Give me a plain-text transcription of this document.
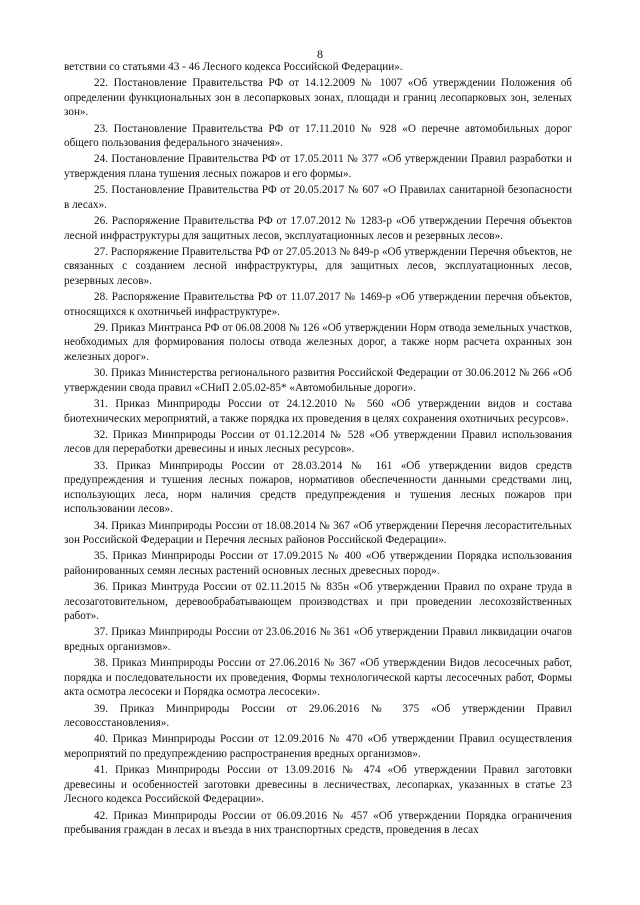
8

ветствии со статьями 43 - 46 Лесного кодекса Российской Федерации».

22. Постановление Правительства РФ от 14.12.2009 № 1007 «Об утверждении Положения об определении функциональных зон в лесопарковых зонах, площади и границ лесопарковых зон, зеленых зон».

23. Постановление Правительства РФ от 17.11.2010 № 928 «О перечне автомобильных дорог общего пользования федерального значения».

24. Постановление Правительства РФ от 17.05.2011 № 377 «Об утверждении Правил разработки и утверждения плана тушения лесных пожаров и его формы».

25. Постановление Правительства РФ от 20.05.2017 № 607 «О Правилах санитарной безопасности в лесах».

26. Распоряжение Правительства РФ от 17.07.2012 № 1283-р «Об утверждении Перечня объектов лесной инфраструктуры для защитных лесов, эксплуатационных лесов и резервных лесов».

27. Распоряжение Правительства РФ от 27.05.2013 № 849-р «Об утверждении Перечня объектов, не связанных с созданием лесной инфраструктуры, для защитных лесов, эксплуатационных лесов, резервных лесов».

28. Распоряжение Правительства РФ от 11.07.2017 № 1469-р «Об утверждении перечня объектов, относящихся к охотничьей инфраструктуре».

29. Приказ Минтранса РФ от 06.08.2008 № 126 «Об утверждении Норм отвода земельных участков, необходимых для формирования полосы отвода железных дорог, а также норм расчета охранных зон железных дорог».

30. Приказ Министерства регионального развития Российской Федерации от 30.06.2012 № 266 «Об утверждении свода правил «СНиП 2.05.02-85* «Автомобильные дороги».

31. Приказ Минприроды России от 24.12.2010 № 560 «Об утверждении видов и состава биотехнических мероприятий, а также порядка их проведения в целях сохранения охотничьих ресурсов».

32. Приказ Минприроды России от 01.12.2014 № 528 «Об утверждении Правил использования лесов для переработки древесины и иных лесных ресурсов».

33. Приказ Минприроды России от 28.03.2014 № 161 «Об утверждении видов средств предупреждения и тушения лесных пожаров, нормативов обеспеченности данными средствами лиц, использующих леса, норм наличия средств предупреждения и тушения лесных пожаров при использовании лесов».

34. Приказ Минприроды России от 18.08.2014 № 367 «Об утверждении Перечня лесорастительных зон Российской Федерации и Перечня лесных районов Российской Федерации».

35. Приказ Минприроды России от 17.09.2015 № 400 «Об утверждении Порядка использования районированных семян лесных растений основных лесных древесных пород».

36. Приказ Минтруда России от 02.11.2015 № 835н «Об утверждении Правил по охране труда в лесозаготовительном, деревообрабатывающем производствах и при проведении лесохозяйственных работ».

37. Приказ Минприроды России от 23.06.2016 № 361 «Об утверждении Правил ликвидации очагов вредных организмов».

38. Приказ Минприроды России от 27.06.2016 № 367 «Об утверждении Видов лесосечных работ, порядка и последовательности их проведения, Формы технологической карты лесосечных работ, Формы акта осмотра лесосеки и Порядка осмотра лесосеки».

39. Приказ Минприроды России от 29.06.2016 № 375 «Об утверждении Правил лесовосстановления».

40. Приказ Минприроды России от 12.09.2016 № 470 «Об утверждении Правил осуществления мероприятий по предупреждению распространения вредных организмов».

41. Приказ Минприроды России от 13.09.2016 № 474 «Об утверждении Правил заготовки древесины и особенностей заготовки древесины в лесничествах, лесопарках, указанных в статье 23 Лесного кодекса Российской Федерации».

42. Приказ Минприроды России от 06.09.2016 № 457 «Об утверждении Порядка ограничения пребывания граждан в лесах и въезда в них транспортных средств, проведения в лесах
